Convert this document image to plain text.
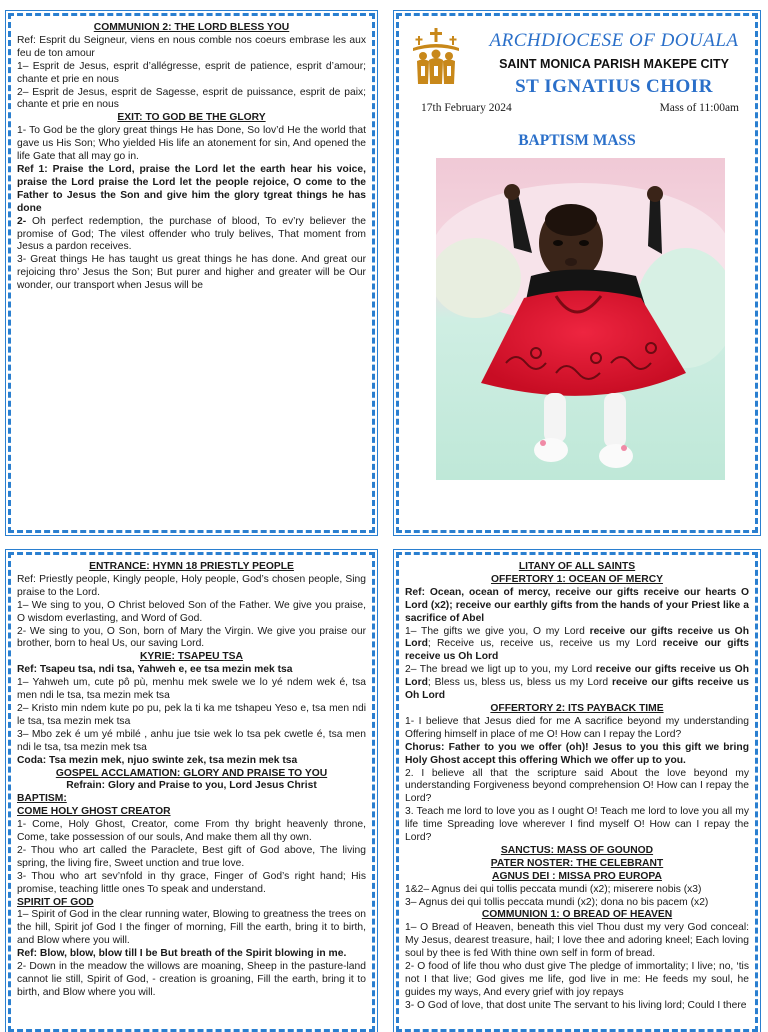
COMMUNION 2: THE LORD BLESS YOU

Ref: Esprit du Seigneur, viens en nous comble nos coeurs embrase les aux feu de ton amour

1– Esprit de Jesus, esprit d’allégresse, esprit de patience, esprit d’amour; chante et prie en nous

2– Esprit de Jesus, esprit de Sagesse, esprit de puissance, esprit de paix; chante et prie en nous

EXIT: TO GOD BE THE GLORY

1- To God be the glory great things He has Done, So lov’d He the world that gave us His Son; Who yielded His life an atonement for sin, And opened the life Gate that all may go in.

Ref 1: Praise the Lord, praise the Lord let the earth hear his voice, praise the Lord praise the Lord let the people rejoice, O come to the Father to Jesus the Son and give him the glory tgreat things he has done

2- Oh perfect redemption, the purchase of blood, To ev’ry believer the promise of God; The vilest offender who truly belives, That moment from Jesus a pardon receives.

3- Great things He has taught us great things he has done. And great our rejoicing thro’ Jesus the Son; But purer and higher and greater will be Our wonder, our transport when Jesus will be

ARCHDIOCESE OF DOUALA
SAINT MONICA PARISH MAKEPE CITY
ST IGNATIUS CHOIR
17th February 2024	Mass of 11:00am
BAPTISM MASS

ENTRANCE: HYMN 18 PRIESTLY PEOPLE

Ref: Priestly people, Kingly people, Holy people, God’s chosen people, Sing praise to the Lord.

1– We sing to you, O Christ beloved Son of the Father. We give you praise, O wisdom everlasting, and Word of God.

2- We sing to you, O Son, born of Mary the Virgin. We give you praise our brother, born to heal Us, our saving Lord.

KYRIE: TSAPEU TSA

Ref: Tsapeu tsa, ndi tsa, Yahweh e, ee tsa mezin mek tsa

1– Yahweh um, cute pô pù, menhu mek swele we lo yé ndem wek é, tsa men ndi le tsa, tsa mezin mek tsa

2– Kristo min ndem kute po pu, pek la ti ka me tshapeu Yeso e, tsa men ndi le tsa, tsa mezin mek tsa

3– Mbo zek é um yé mbilé , anhu jue tsie wek lo tsa pek cwetle é, tsa men ndi le tsa, tsa mezin mek tsa

Coda: Tsa mezin mek, njuo swinte zek, tsa mezin mek tsa

GOSPEL ACCLAMATION: GLORY AND PRAISE TO YOU

Refrain: Glory and Praise to you, Lord Jesus Christ

BAPTISM:

COME HOLY GHOST CREATOR

1- Come, Holy Ghost, Creator, come From thy bright heavenly throne, Come, take possession of our souls, And make them all thy own.

2- Thou who art called the Paraclete, Best gift of God above, The living spring, the living fire, Sweet unction and true love.

3- Thou who art sev’nfold in thy grace, Finger of God’s right hand; His promise, teaching little ones To speak and understand.

SPIRIT OF GOD

1– Spirit of God in the clear running water, Blowing to greatness the trees on the hill, Spirit jof God I the finger of morning, Fill the earth, bring it to birth, and Blow where you will.

Ref: Blow, blow, blow till I be But breath of the Spirit blowing in me.

2- Down in the meadow the willows are moaning, Sheep in the pasture-land cannot lie still, Spirit of God, - creation is groaning, Fill the earth, bring it to birth, and Blow where you will.

LITANY OF ALL SAINTS

OFFERTORY 1: OCEAN OF MERCY

Ref: Ocean, ocean of mercy, receive our gifts receive our hearts O Lord (x2); receive our earthly gifts from the hands of your Priest like a sacrifice of Abel

1– The gifts we give you, O my Lord receive our gifts receive us Oh Lord; Receive us, receive us, receive us my Lord receive our gifts receive us Oh Lord

2– The bread we ligt up to you, my Lord receive our gifts receive us Oh Lord; Bless us, bless us, bless us my Lord receive our gifts receive us Oh Lord

OFFERTORY 2: ITS PAYBACK TIME

1- I believe that Jesus died for me A sacrifice beyond my understanding Offering himself in place of me O! How can I repay the Lord?

Chorus: Father to you we offer (oh)! Jesus to you this gift we bring Holy Ghost accept this offering Which we offer up to you.

2. I believe all that the scripture said About the love beyond my understanding Forgiveness beyond comprehension O! How can I repay the Lord?

3. Teach me lord to love you as I ought O! Teach me lord to love you all my life time Spreading love wherever I find myself O! How can I repay the Lord?

SANCTUS: MASS OF GOUNOD

PATER NOSTER: THE CELEBRANT

AGNUS DEI : MISSA PRO EUROPA

1&2– Agnus dei qui tollis peccata mundi (x2); miserere nobis (x3)

3– Agnus dei qui tollis peccata mundi (x2); dona no bis pacem (x2)

COMMUNION 1: O BREAD OF HEAVEN

1– O Bread of Heaven, beneath this viel Thou dust my very God conceal: My Jesus, dearest treasure, hail; I love thee and adoring kneel; Each loving soul by thee is fed With thine own self in form of bread.

2- O food of life thou who dust give The pledge of immortality; I live; no, ‘tis not I that live; God gives me life, god live in me: He feeds my soul, he guides my ways, And every grief with joy repays

3- O God of love, that dost unite The servant to his living lord; Could I there
